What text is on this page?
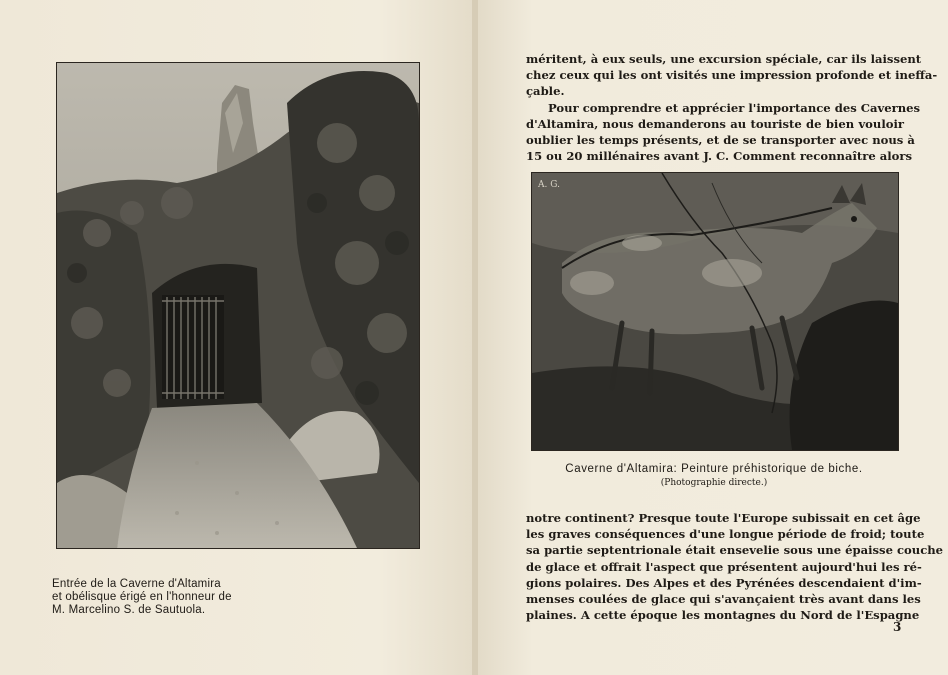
Entrée de la Caverne d'Altamira
et obélisque érigé en l'honneur de
M. Marcelino S. de Sautuola.
méritent, à eux seuls, une excursion spéciale, car ils laissent
chez ceux qui les ont visités une impression profonde et ineffa-
çable.
Pour comprendre et apprécier l'importance des Cavernes
d'Altamira, nous demanderons au touriste de bien vouloir
oublier les temps présents, et de se transporter avec nous à
15 ou 20 millénaires avant J. C. Comment reconnaître alors
A. G.
Caverne d'Altamira: Peinture préhistorique de biche.
(Photographie directe.)
notre continent? Presque toute l'Europe subissait en cet âge
les graves conséquences d'une longue période de froid; toute
sa partie septentrionale était ensevelie sous une épaisse couche
de glace et offrait l'aspect que présentent aujourd'hui les ré-
gions polaires. Des Alpes et des Pyrénées descendaient d'im-
menses coulées de glace qui s'avançaient très avant dans les
plaines. A cette époque les montagnes du Nord de l'Espagne
3
